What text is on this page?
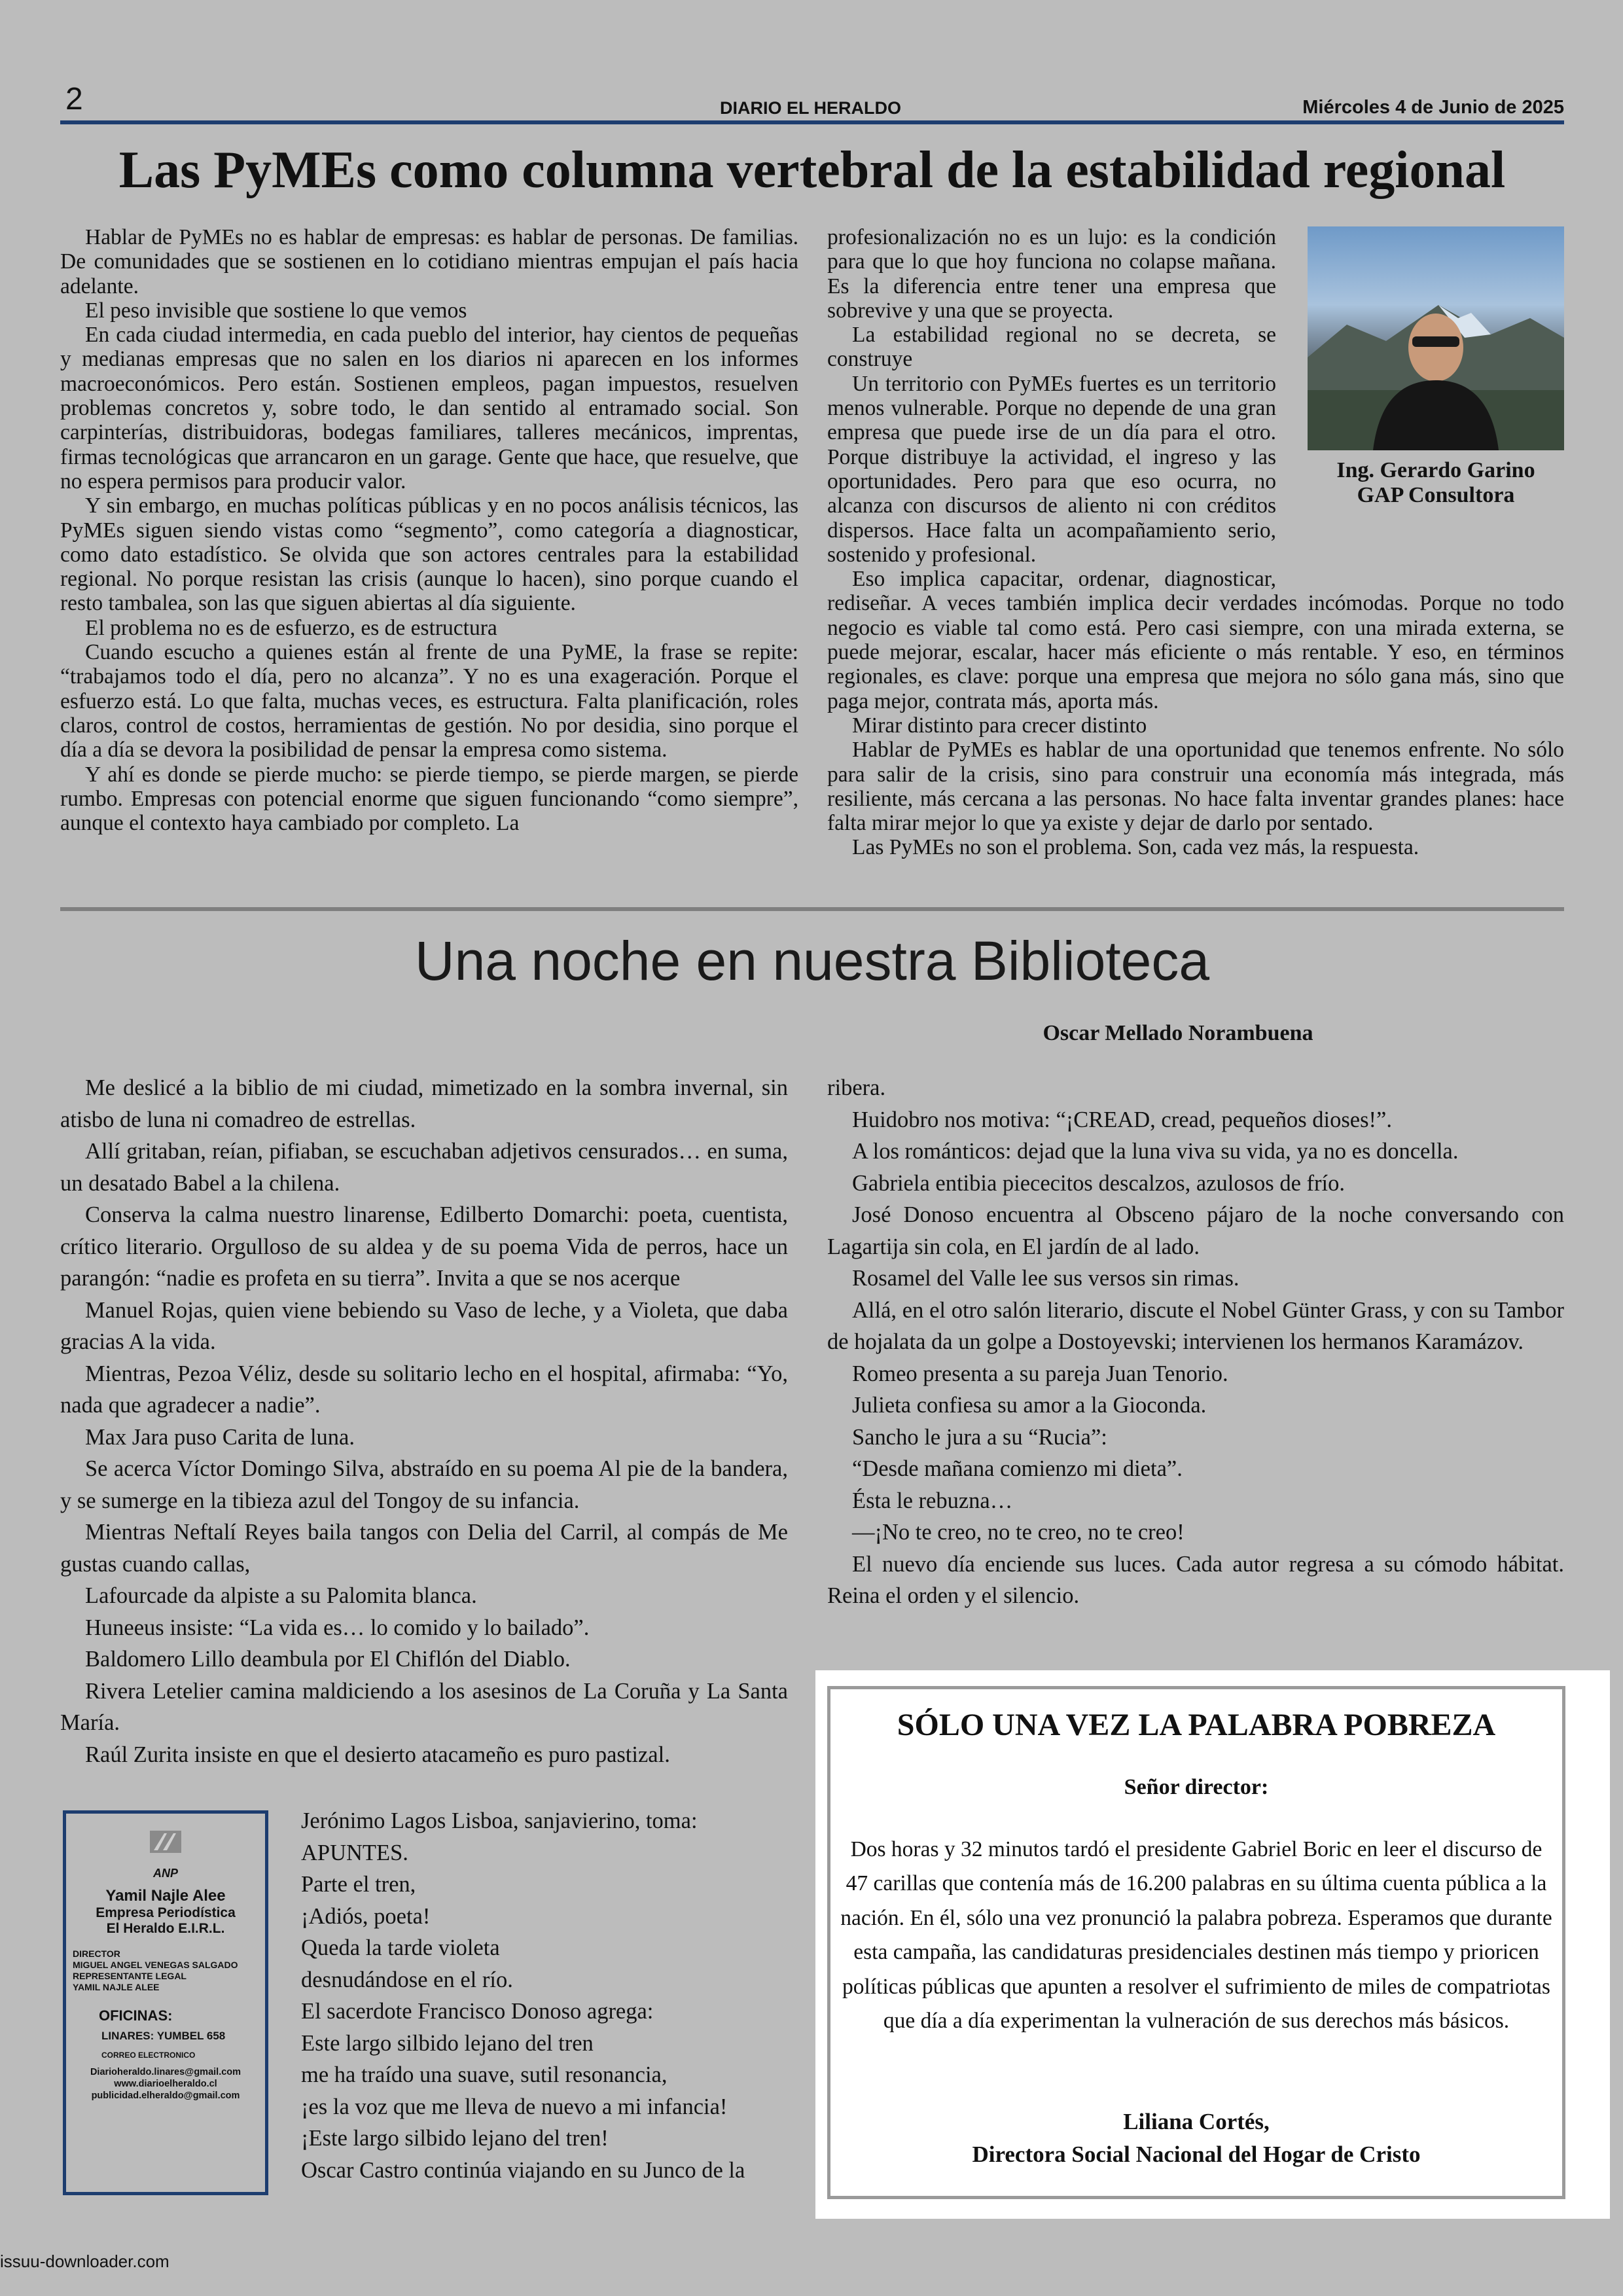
2	DIARIO EL HERALDO	Miércoles 4 de Junio de 2025
Las PyMEs como columna vertebral de la estabilidad regional

Hablar de PyMEs no es hablar de empresas: es hablar de personas. De familias. De comunidades que se sostienen en lo cotidiano mientras empujan el país hacia adelante.

El peso invisible que sostiene lo que vemos

En cada ciudad intermedia, en cada pueblo del interior, hay cientos de pequeñas y medianas empresas que no salen en los diarios ni aparecen en los informes macroeconómicos. Pero están. Sostienen empleos, pagan impuestos, resuelven problemas concretos y, sobre todo, le dan sentido al entramado social. Son carpinterías, distribuidoras, bodegas familiares, talleres mecánicos, imprentas, firmas tecnológicas que arrancaron en un garage. Gente que hace, que resuelve, que no espera permisos para producir valor.

Y sin embargo, en muchas políticas públicas y en no pocos análisis técnicos, las PyMEs siguen siendo vistas como “segmento”, como categoría a diagnosticar, como dato estadístico. Se olvida que son actores centrales para la estabilidad regional. No porque resistan las crisis (aunque lo hacen), sino porque cuando el resto tambalea, son las que siguen abiertas al día siguiente.

El problema no es de esfuerzo, es de estructura

Cuando escucho a quienes están al frente de una PyME, la frase se repite: “trabajamos todo el día, pero no alcanza”. Y no es una exageración. Porque el esfuerzo está. Lo que falta, muchas veces, es estructura. Falta planificación, roles claros, control de costos, herramientas de gestión. No por desidia, sino porque el día a día se devora la posibilidad de pensar la empresa como sistema.

Y ahí es donde se pierde mucho: se pierde tiempo, se pierde margen, se pierde rumbo. Empresas con potencial enorme que siguen funcionando “como siempre”, aunque el contexto haya cambiado por completo. La

profesionalización no es un lujo: es la condición para que lo que hoy funciona no colapse mañana. Es la diferencia entre tener una empresa que sobrevive y una que se proyecta.

La estabilidad regional no se decreta, se construye

Un territorio con PyMEs fuertes es un territorio menos vulnerable. Porque no depende de una gran empresa que puede irse de un día para el otro. Porque distribuye la actividad, el ingreso y las oportunidades. Pero para que eso ocurra, no alcanza con discursos de aliento ni con créditos dispersos. Hace falta un acompañamiento serio, sostenido y profesional.

Eso implica capacitar, ordenar, diagnosticar, rediseñar. A veces también implica decir verdades incómodas. Porque no todo negocio es viable tal como está. Pero casi siempre, con una mirada externa, se puede mejorar, escalar, hacer más eficiente o más rentable. Y eso, en términos regionales, es clave: porque una empresa que mejora no sólo gana más, sino que paga mejor, contrata más, aporta más.

Mirar distinto para crecer distinto

Hablar de PyMEs es hablar de una oportunidad que tenemos enfrente. No sólo para salir de la crisis, sino para construir una economía más integrada, más resiliente, más cercana a las personas. No hace falta inventar grandes planes: hace falta mirar mejor lo que ya existe y dejar de darlo por sentado.

Las PyMEs no son el problema. Son, cada vez más, la respuesta.

Ing. Gerardo Garino
GAP Consultora
Una noche en nuestra Biblioteca
Oscar Mellado Norambuena

Me deslicé a la biblio de mi ciudad, mimetizado en la sombra invernal, sin atisbo de luna ni comadreo de estrellas.

Allí gritaban, reían, pifiaban, se escuchaban adjetivos censurados… en suma, un desatado Babel a la chilena.

Conserva la calma nuestro linarense, Edilberto Domarchi: poeta, cuentista, crítico literario. Orgulloso de su aldea y de su poema Vida de perros, hace un parangón: “nadie es profeta en su tierra”. Invita a que se nos acerque

Manuel Rojas, quien viene bebiendo su Vaso de leche, y a Violeta, que daba gracias A la vida.

Mientras, Pezoa Véliz, desde su solitario lecho en el hospital, afirmaba: “Yo, nada que agradecer a nadie”.

Max Jara puso Carita de luna.

Se acerca Víctor Domingo Silva, abstraído en su poema Al pie de la bandera, y se sumerge en la tibieza azul del Tongoy de su infancia.

Mientras Neftalí Reyes baila tangos con Delia del Carril, al compás de Me gustas cuando callas,

Lafourcade da alpiste a su Palomita blanca.

Huneeus insiste: “La vida es… lo comido y lo bailado”.

Baldomero Lillo deambula por El Chiflón del Diablo.

Rivera Letelier camina maldiciendo a los asesinos de La Coruña y La Santa María.

Raúl Zurita insiste en que el desierto atacameño es puro pastizal.

Jerónimo Lagos Lisboa, sanjavierino, toma:

APUNTES.

Parte el tren,

¡Adiós, poeta!

Queda la tarde violeta

desnudándose en el río.

El sacerdote Francisco Donoso agrega:

Este largo silbido lejano del tren

me ha traído una suave, sutil resonancia,

¡es la voz que me lleva de nuevo a mi infancia!

¡Este largo silbido lejano del tren!

Oscar Castro continúa viajando en su Junco de la

ribera.

Huidobro nos motiva: “¡CREAD, cread, pequeños dioses!”.

A los románticos: dejad que la luna viva su vida, ya no es doncella.

Gabriela entibia piececitos descalzos, azulosos de frío.

José Donoso encuentra al Obsceno pájaro de la noche conversando con Lagartija sin cola, en El jardín de al lado.

Rosamel del Valle lee sus versos sin rimas.

Allá, en el otro salón literario, discute el Nobel Günter Grass, y con su Tambor de hojalata da un golpe a Dostoyevski; intervienen los hermanos Karamázov.

Romeo presenta a su pareja Juan Tenorio.

Julieta confiesa su amor a la Gioconda.

Sancho le jura a su “Rucia”:

“Desde mañana comienzo mi dieta”.

Ésta le rebuzna…

—¡No te creo, no te creo, no te creo!

El nuevo día enciende sus luces. Cada autor regresa a su cómodo hábitat. Reina el orden y el silencio.

ANP
Yamil Najle Alee
Empresa Periodística
El Heraldo E.I.R.L.
DIRECTOR
MIGUEL ANGEL VENEGAS SALGADO
REPRESENTANTE LEGAL
YAMIL NAJLE ALEE
OFICINAS:
LINARES: YUMBEL 658
CORREO ELECTRONICO
Diarioheraldo.linares@gmail.com
www.diarioelheraldo.cl
publicidad.elheraldo@gmail.com
SÓLO UNA VEZ LA PALABRA POBREZA
Señor director:
Dos horas y 32 minutos tardó el presidente Gabriel Boric en leer el discurso de 47 carillas que contenía más de 16.200 palabras en su última cuenta pública a la nación. En él, sólo una vez pronunció la palabra pobreza. Esperamos que durante esta campaña, las candidaturas presidenciales destinen más tiempo y prioricen políticas públicas que apunten a resolver el sufrimiento de miles de compatriotas que día a día experimentan la vulneración de sus derechos más básicos.
Liliana Cortés,
Directora Social Nacional del Hogar de Cristo
issuu-downloader.com
